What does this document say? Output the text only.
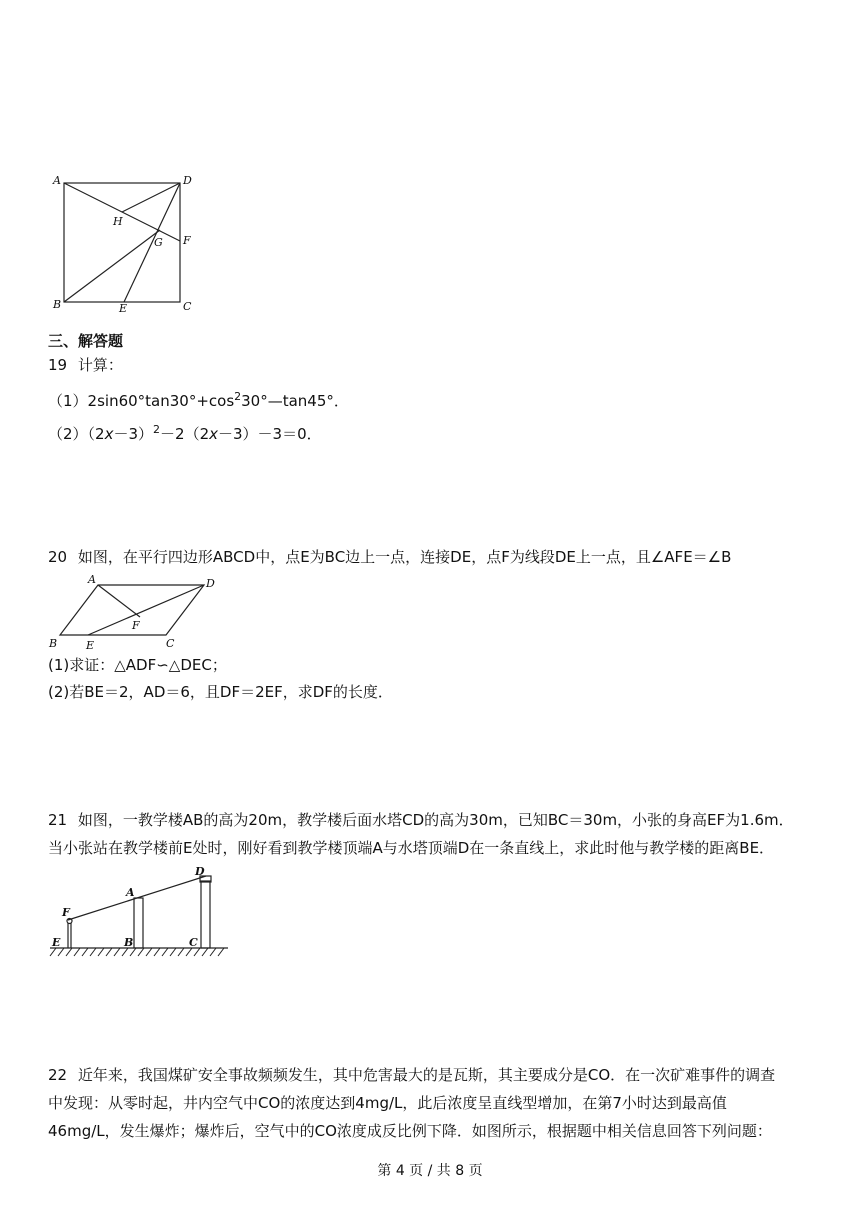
A	D
H
G F
B	E	C
三、解答题
19 计算：
$(1)2\sin 60^\circ\tan 30^\circ+\cos^230^\circ—\tan 45^\circ$．
$(2)(2x-3)^2-2(2x-3)-3=0$．
20 如图，在平行四边形ABCD中，点E为BC边上一点，连接DE，点F为线段DE上一点，且∠AFE＝∠B
A	D
F
B	E	C
(1)求证：△ADF∽△DEC；
(2)若BE＝2，AD＝6，且DF＝2EF，求DF的长度．
21 如图，一教学楼AB的高为20m，教学楼后面水塔CD的高为30m，已知BC＝30m，小张的身高EF为1.6m．
当小张站在教学楼前E处时，刚好看到教学楼顶端A与水塔顶端D在一条直线上，求此时他与教学楼的距离BE．
A
D
F
E	B	C
22 近年来，我国煤矿安全事故频频发生，其中危害最大的是瓦斯，其主要成分是CO．在一次矿难事件的调查
中发现：从零时起，井内空气中CO的浓度达到4mg/L，此后浓度呈直线型增加，在第7小时达到最高值
46mg/L，发生爆炸；爆炸后，空气中的CO浓度成反比例下降．如图所示，根据题中相关信息回答下列问题：
第 4 页 / 共 8 页
